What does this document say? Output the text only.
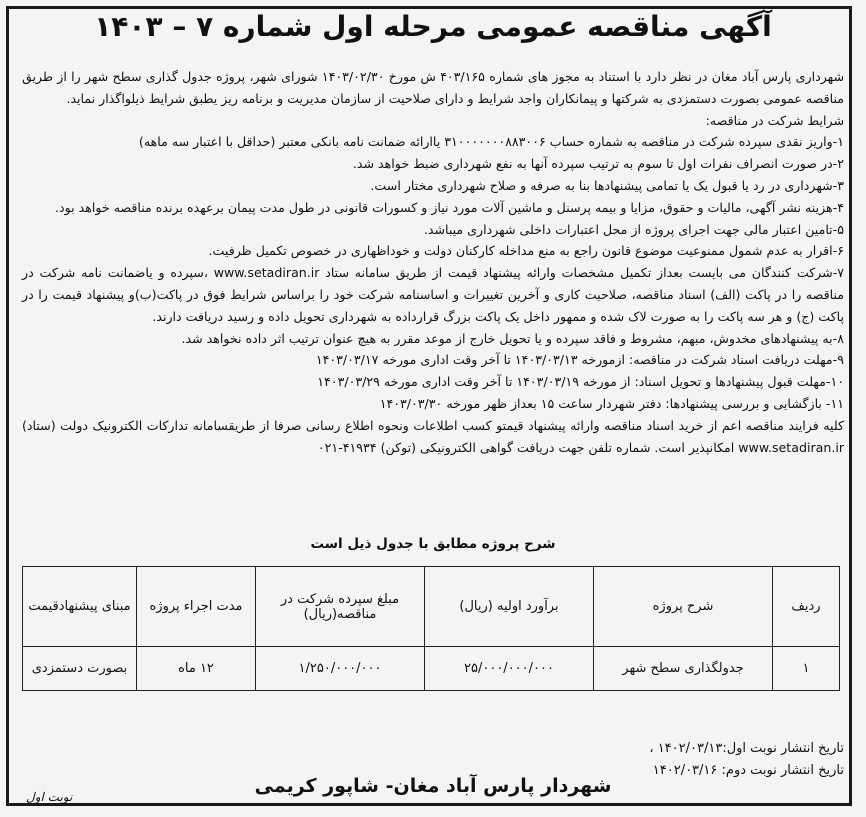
آگهی مناقصه عمومی مرحله اول شماره ۷ – ۱۴۰۳

شهرداری پارس آباد مغان در نظر دارد با استناد به مجوز های شماره ۴۰۳/۱۶۵ ش مورخ ۱۴۰۳/۰۲/۳۰ شورای شهر، پروژه جدول گذاری سطح شهر را از طریق مناقصه عمومی بصورت دستمزدی به شرکتها و پیمانکاران واجد شرایط و دارای صلاحیت از سازمان مدیریت و برنامه ریز یطبق شرایط ذیلواگذار نماید.

شرایط شرکت در مناقصه:

۱-واریز نقدی سپرده شرکت در مناقصه به شماره حساب ۳۱۰۰۰۰۰۰۰۸۸۳۰۰۶ یاارائه ضمانت نامه بانکی معتبر (حداقل با اعتبار سه ماهه)

۲-در صورت انصراف نفرات اول تا سوم به ترتیب سپرده آنها به نفع شهرداری ضبط خواهد شد.

۳-شهرداری در رد یا قبول یک یا تمامی پیشنهادها بنا به صرفه و صلاح شهرداری مختار است.

۴-هزینه نشر آگهی، مالیات و حقوق، مزایا و بیمه پرسنل و ماشین آلات مورد نیاز و کسورات قانونی در طول مدت پیمان برعهده برنده مناقصه خواهد بود.

۵-تامین اعتبار مالی جهت اجرای پروژه از محل اعتبارات داخلی شهرداری میباشد.

۶-اقرار به عدم شمول ممنوعیت موضوع قانون راجع به منع مداخله کارکنان دولت و خوداظهاری در خصوص تکمیل ظرفیت.

۷-شرکت کنندگان می بایست بعداز تکمیل مشخصات وارائه پیشنهاد قیمت از طریق سامانه ستاد www.setadiran.ir ،سپرده و یاضمانت نامه شرکت در مناقصه را در پاکت (الف) اسناد مناقصه، صلاحیت کاری و آخرین تغییرات و اساسنامه شرکت خود را براساس شرایط فوق در پاکت(ب)و پیشنهاد قیمت را در پاکت (ج) و هر سه پاکت را به صورت لاک شده و ممهور داخل یک پاکت بزرگ قرارداده به شهرداری تحویل داده و رسید دریافت دارند.

۸-به پیشنهادهای مخدوش، مبهم، مشروط و فاقد سپرده و یا تحویل خارج از موعد مقرر به هیچ عنوان ترتیب اثر داده نخواهد شد.

۹-مهلت دریافت اسناد شرکت در مناقصه: ازمورخه ۱۴۰۳/۰۳/۱۳ تا آخر وقت اداری مورخه ۱۴۰۳/۰۳/۱۷

۱۰-مهلت قبول پیشنهادها و تحویل اسناد: از مورخه ۱۴۰۳/۰۳/۱۹ تا آخر وقت اداری مورخه ۱۴۰۳/۰۳/۲۹

۱۱- بازگشایی و بررسی پیشنهادها: دفتر شهردار ساعت ۱۵ بعداز ظهر مورخه ۱۴۰۳/۰۳/۳۰

کلیه فرایند مناقصه اعم از خرید اسناد مناقصه وارائه پیشنهاد قیمتو کسب اطلاعات ونحوه اطلاع رسانی صرفا از طریقسامانه تدارکات الکترونیک دولت (ستاد) www.setadiran.ir امکانپذیر است. شماره تلفن جهت دریافت گواهی الکترونیکی (توکن) ۴۱۹۳۴-۰۲۱

شرح پروژه مطابق با جدول ذیل است
ردیف	شرح پروژه	برآورد اولیه (ریال)	مبلغ سپرده شرکت در مناقصه(ریال)	مدت اجراء پروژه	مبنای پیشنهادقیمت
۱	جدولگذاری سطح شهر	۲۵/۰۰۰/۰۰۰/۰۰۰	۱/۲۵۰/۰۰۰/۰۰۰	۱۲ ماه	بصورت دستمزدی
تاریخ انتشار نوبت اول:۱۴۰۲/۰۳/۱۳ ،
تاریخ انتشار نوبت دوم: ۱۴۰۲/۰۳/۱۶
شهردار پارس آباد مغان- شاپور کریمی
نوبت اول
